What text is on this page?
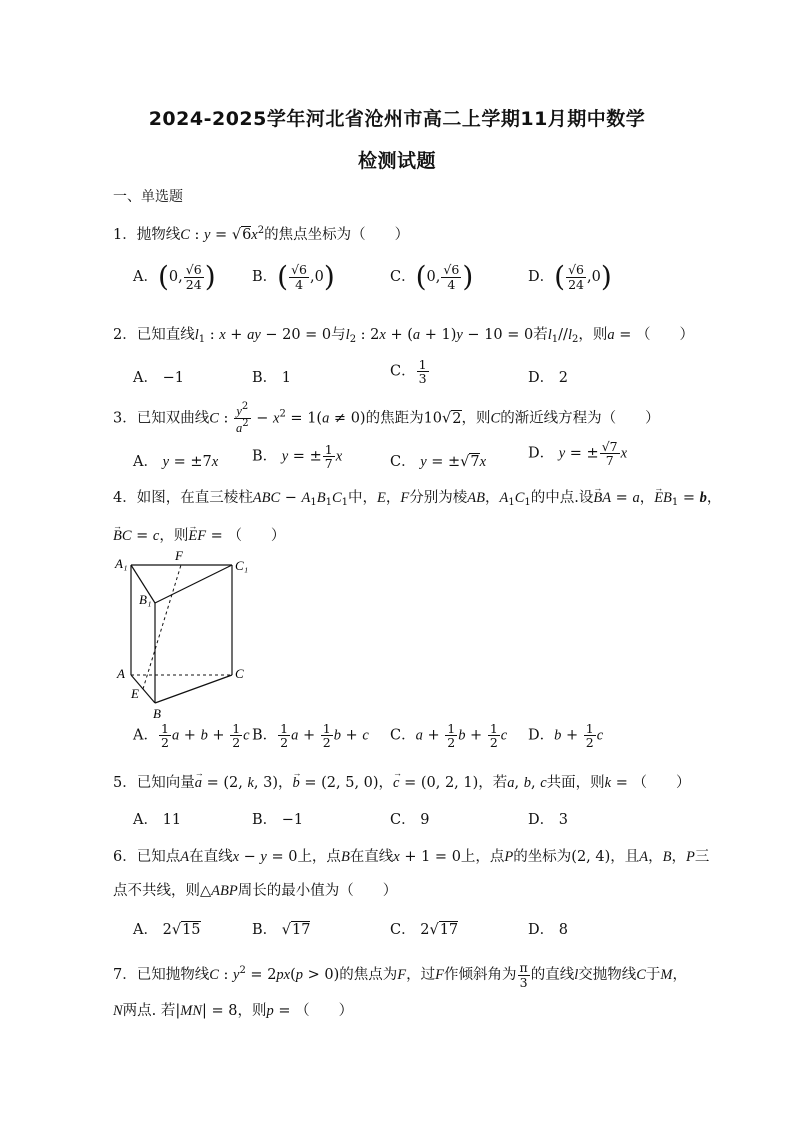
2024-2025学年河北省沧州市高二上学期11月期中数学
检测试题
一、单选题
1．抛物线C : $y = √6x^2$的焦点坐标为（　　）
A．(0, $\frac{√6}{24}$ )	B．( $\frac{√6}{4} ,0$)	C．(0, $\frac{√6}{4}$ )	D．( $\frac{√6}{24} ,0$)
2．已知直线$l_1$ : x + ay − 20 = 0与$l_2$ : 2x + (a + 1)y − 10 = 0若$l_1//l_2$，则a = （　　）
A． −1	B． 1	C． $\frac{1}{3}$	D． 2
3．已知双曲线C : $\frac{y^2}{a^2} - x^2 = 1(a \ne 0)$的焦距为10√2，则C的渐近线方程为（　　）
A． y = ±7x B． y = ± $\frac{1}{7}$ x	C． y = ±√7x
D． y = ± $\frac{√7}{7}$ x
4．如图，在直三棱柱ABC − $A_1B_1C_1$中，E，F分别为棱AB，$A_1C_1$的中点.设→ BA = a，→ $EB_1 = b$，
→ BC = c，则→ EF = （　　）
A₁
F
C₁
B₁
A	C
E
B
A． $\frac{1}{2}$ $a + b + \frac{1}{2}$ c B． $\frac{1}{2}$ $a + \frac{1}{2}$ b + c C．$a + \frac{1}{2}$ $b + \frac{1}{2}$ c D．$b + \frac{1}{2}$ c
5．已知向量→ a = (2, k, 3)，→ b = (2, 5, 0)，→ c = (0, 2, 1)，若a, b, c共面，则k = （　　）
A． 11	B． −1	C． 9	D． 3
6．已知点A在直线x − y = 0上，点B在直线x + 1 = 0上，点P的坐标为(2, 4)，且A，B，P三
点不共线，则△ABP周长的最小值为（　　）
A． 2√15	B． √17	C． 2√17	D． 8
7．已知抛物线C : $y^2 = 2px(p > 0)$的焦点为F，过F作倾斜角为 $\frac{\pi}{3}$ 的直线l交抛物线C于M，
N两点. 若|MN| = 8，则p = （　　）
